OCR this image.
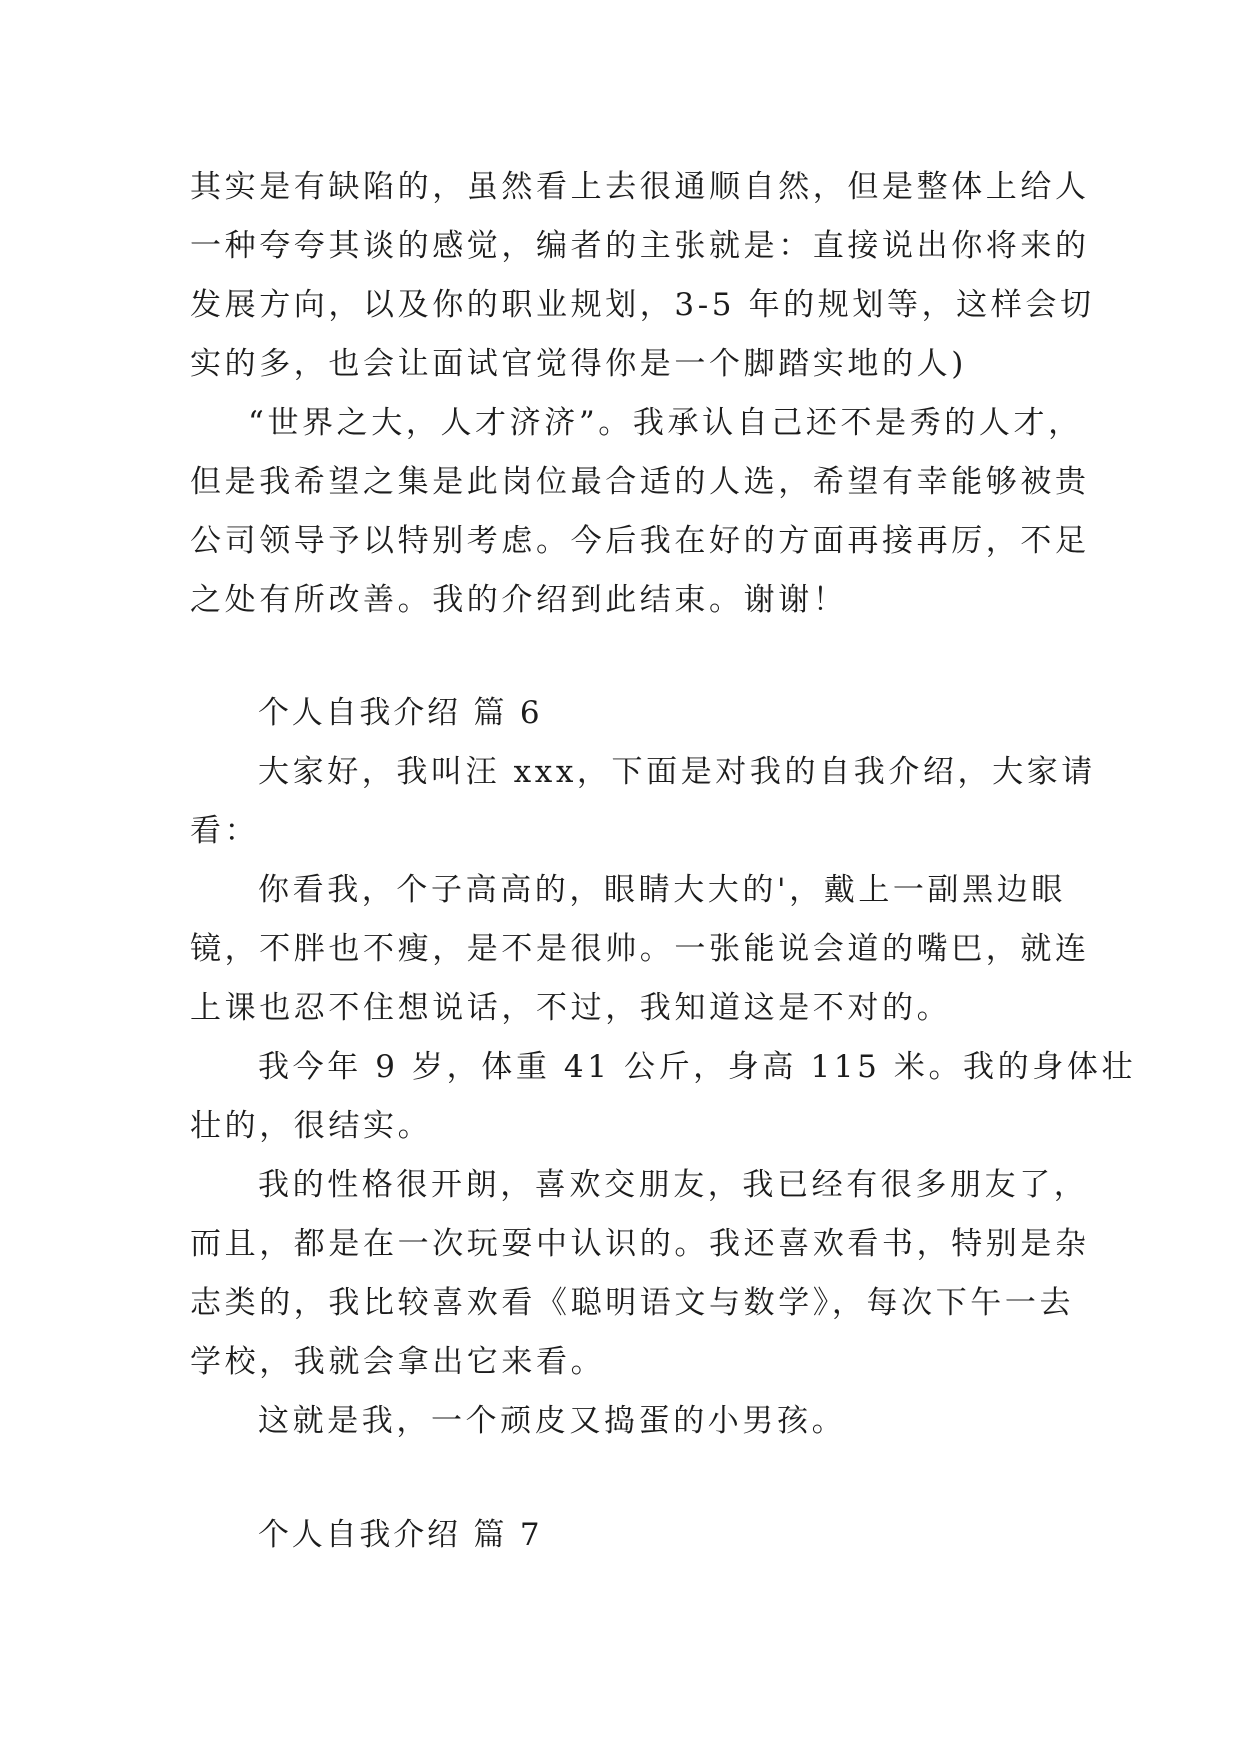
其实是有缺陷的，虽然看上去很通顺自然，但是整体上给人
一种夸夸其谈的感觉，编者的主张就是：直接说出你将来的
发展方向，以及你的职业规划，3-5 年的规划等，这样会切
实的多，也会让面试官觉得你是一个脚踏实地的人)
“世界之大，人才济济”。我承认自己还不是秀的人才，
但是我希望之集是此岗位最合适的人选，希望有幸能够被贵
公司领导予以特别考虑。今后我在好的方面再接再厉，不足
之处有所改善。我的介绍到此结束。谢谢！
个人自我介绍 篇 6
大家好，我叫汪 xxx，下面是对我的自我介绍，大家请
看：
你看我，个子高高的，眼睛大大的'，戴上一副黑边眼
镜，不胖也不瘦，是不是很帅。一张能说会道的嘴巴，就连
上课也忍不住想说话，不过，我知道这是不对的。
我今年 9 岁，体重 41 公斤，身高 115 米。我的身体壮
壮的，很结实。
我的性格很开朗，喜欢交朋友，我已经有很多朋友了，
而且，都是在一次玩耍中认识的。我还喜欢看书，特别是杂
志类的，我比较喜欢看《聪明语文与数学》，每次下午一去
学校，我就会拿出它来看。
这就是我，一个顽皮又捣蛋的小男孩。
个人自我介绍 篇 7
